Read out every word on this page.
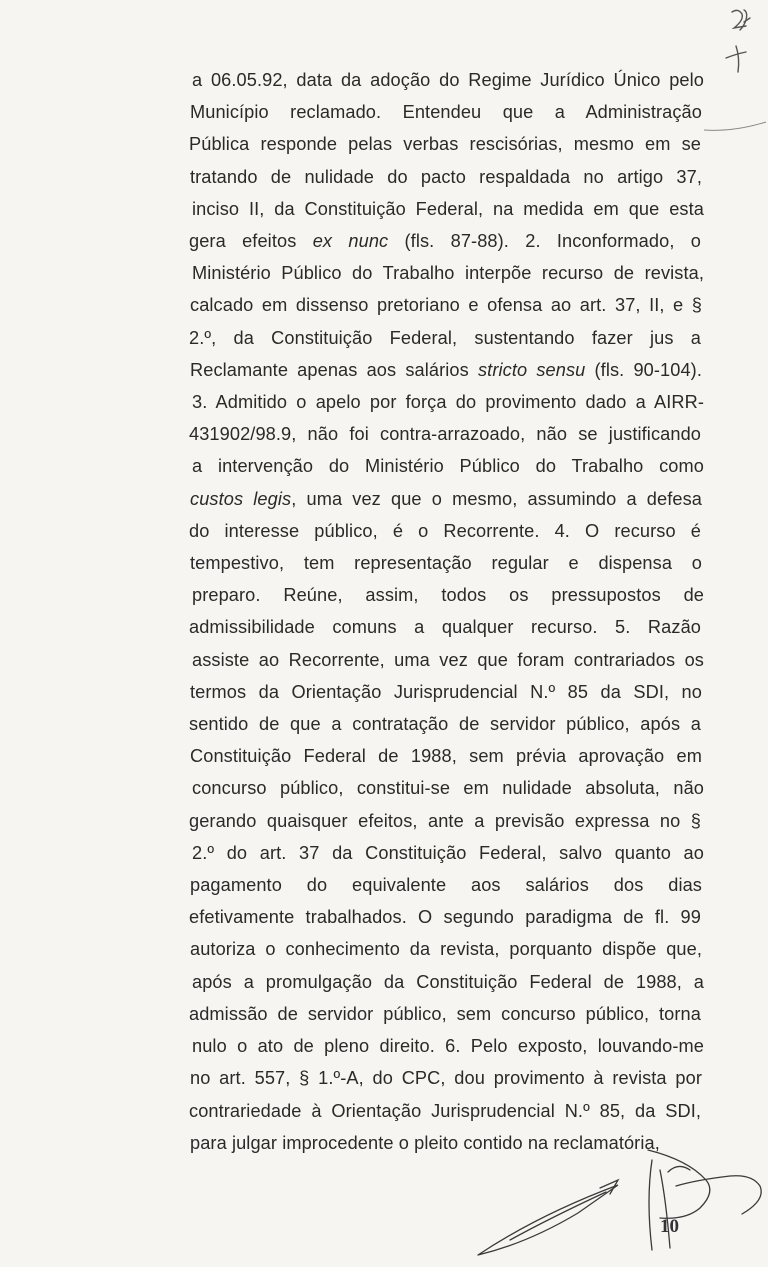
a 06.05.92, data da adoção do Regime Jurídico Único pelo
Município reclamado. Entendeu que a Administração
Pública responde pelas verbas rescisórias, mesmo em se
tratando de nulidade do pacto respaldada no artigo 37,
inciso II, da Constituição Federal, na medida em que esta
gera efeitos ex nunc (fls. 87-88). 2. Inconformado, o
Ministério Público do Trabalho interpõe recurso de revista,
calcado em dissenso pretoriano e ofensa ao art. 37, II, e §
2.º, da Constituição Federal, sustentando fazer jus a
Reclamante apenas aos salários stricto sensu (fls. 90-104).
3. Admitido o apelo por força do provimento dado a AIRR-
431902/98.9, não foi contra-arrazoado, não se justificando
a intervenção do Ministério Público do Trabalho como
custos legis, uma vez que o mesmo, assumindo a defesa
do interesse público, é o Recorrente. 4. O recurso é
tempestivo, tem representação regular e dispensa o
preparo. Reúne, assim, todos os pressupostos de
admissibilidade comuns a qualquer recurso. 5. Razão
assiste ao Recorrente, uma vez que foram contrariados os
termos da Orientação Jurisprudencial N.º 85 da SDI, no
sentido de que a contratação de servidor público, após a
Constituição Federal de 1988, sem prévia aprovação em
concurso público, constitui-se em nulidade absoluta, não
gerando quaisquer efeitos, ante a previsão expressa no §
2.º do art. 37 da Constituição Federal, salvo quanto ao
pagamento do equivalente aos salários dos dias
efetivamente trabalhados. O segundo paradigma de fl. 99
autoriza o conhecimento da revista, porquanto dispõe que,
após a promulgação da Constituição Federal de 1988, a
admissão de servidor público, sem concurso público, torna
nulo o ato de pleno direito. 6. Pelo exposto, louvando-me
no art. 557, § 1.º-A, do CPC, dou provimento à revista por
contrariedade à Orientação Jurisprudencial N.º 85, da SDI,
para julgar improcedente o pleito contido na reclamatória,
27
10
